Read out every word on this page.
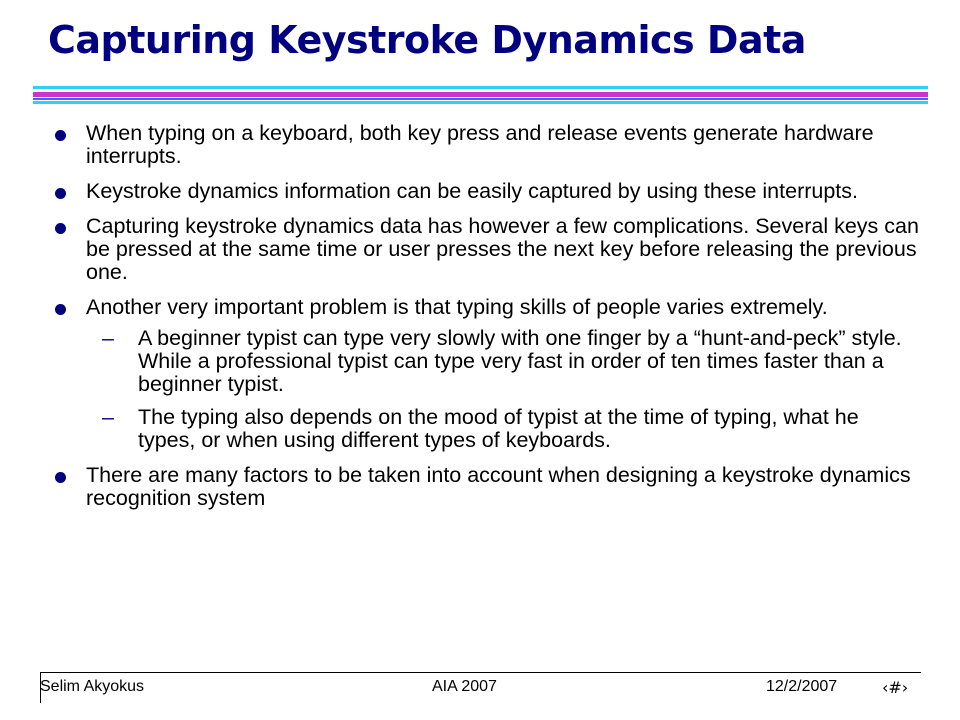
Capturing Keystroke Dynamics Data
When typing on a keyboard, both key press and release events generate hardware interrupts.
Keystroke dynamics information can be easily captured by using these interrupts.
Capturing keystroke dynamics data has however a few complications. Several keys can be pressed at the same time or user presses the next key before releasing the previous one.
Another very important problem is that typing skills of people varies extremely.
– A beginner typist can type very slowly with one finger by a “hunt-and-peck” style. While a professional typist can type very fast in order of ten times faster than a beginner typist.
– The typing also depends on the mood of typist at the time of typing, what he types, or when using different types of keyboards.
There are many factors to be taken into account when designing a keystroke dynamics recognition system
Selim Akyokus	AIA 2007	12/2/2007	‹#›
